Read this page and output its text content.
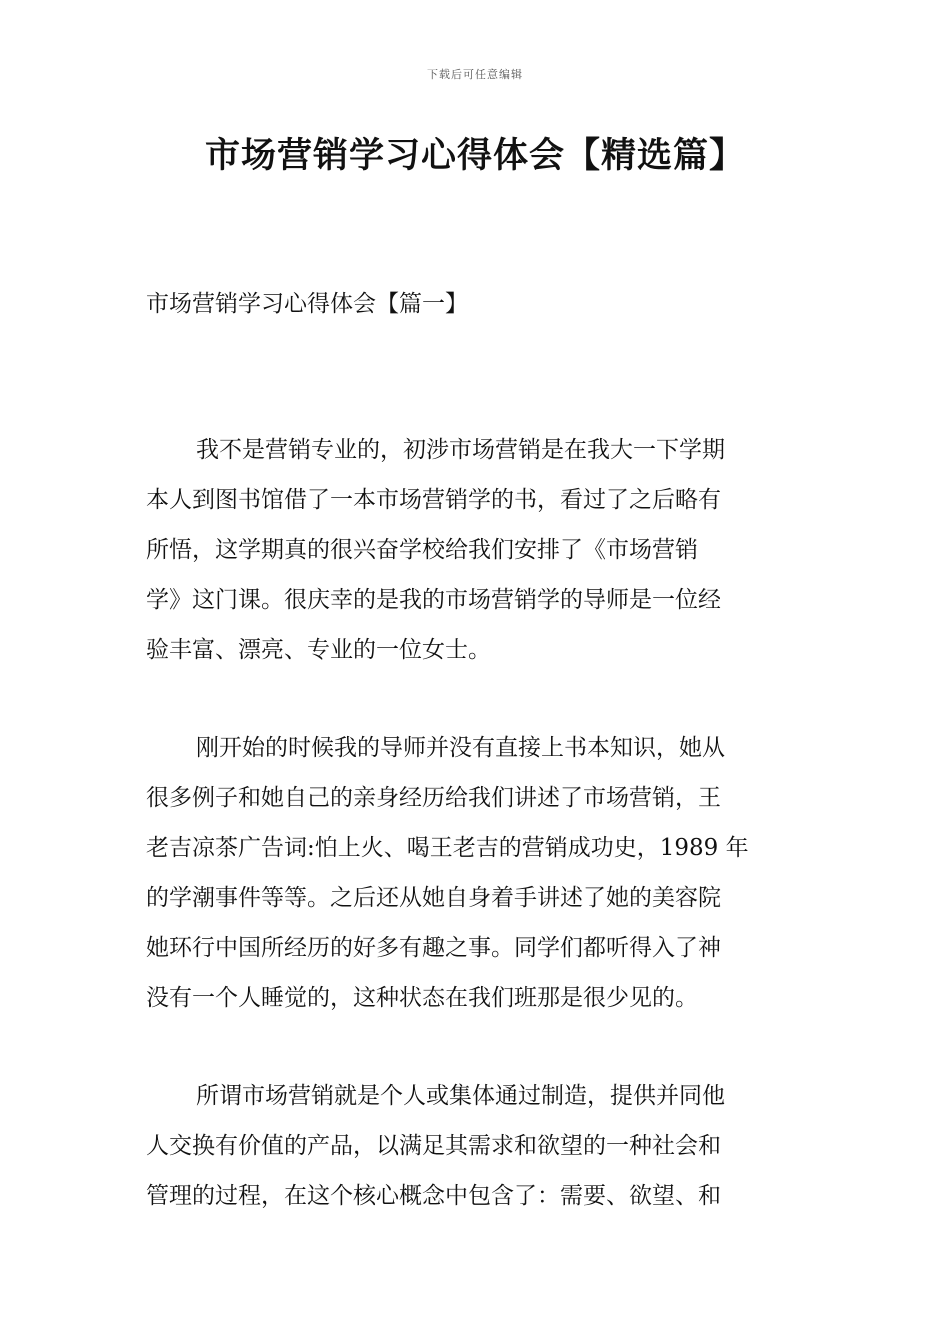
下载后可任意编辑
市场营销学习心得体会【精选篇】
市场营销学习心得体会【篇一】
我不是营销专业的，初涉市场营销是在我大一下学期
本人到图书馆借了一本市场营销学的书，看过了之后略有
所悟，这学期真的很兴奋学校给我们安排了《市场营销
学》这门课。很庆幸的是我的市场营销学的导师是一位经
验丰富、漂亮、专业的一位女士。
刚开始的时候我的导师并没有直接上书本知识，她从
很多例子和她自己的亲身经历给我们讲述了市场营销，王
老吉凉茶广告词:怕上火、喝王老吉的营销成功史，1989 年
的学潮事件等等。之后还从她自身着手讲述了她的美容院
她环行中国所经历的好多有趣之事。同学们都听得入了神
没有一个人睡觉的，这种状态在我们班那是很少见的。
所谓市场营销就是个人或集体通过制造，提供并同他
人交换有价值的产品，以满足其需求和欲望的一种社会和
管理的过程，在这个核心概念中包含了：需要、欲望、和
